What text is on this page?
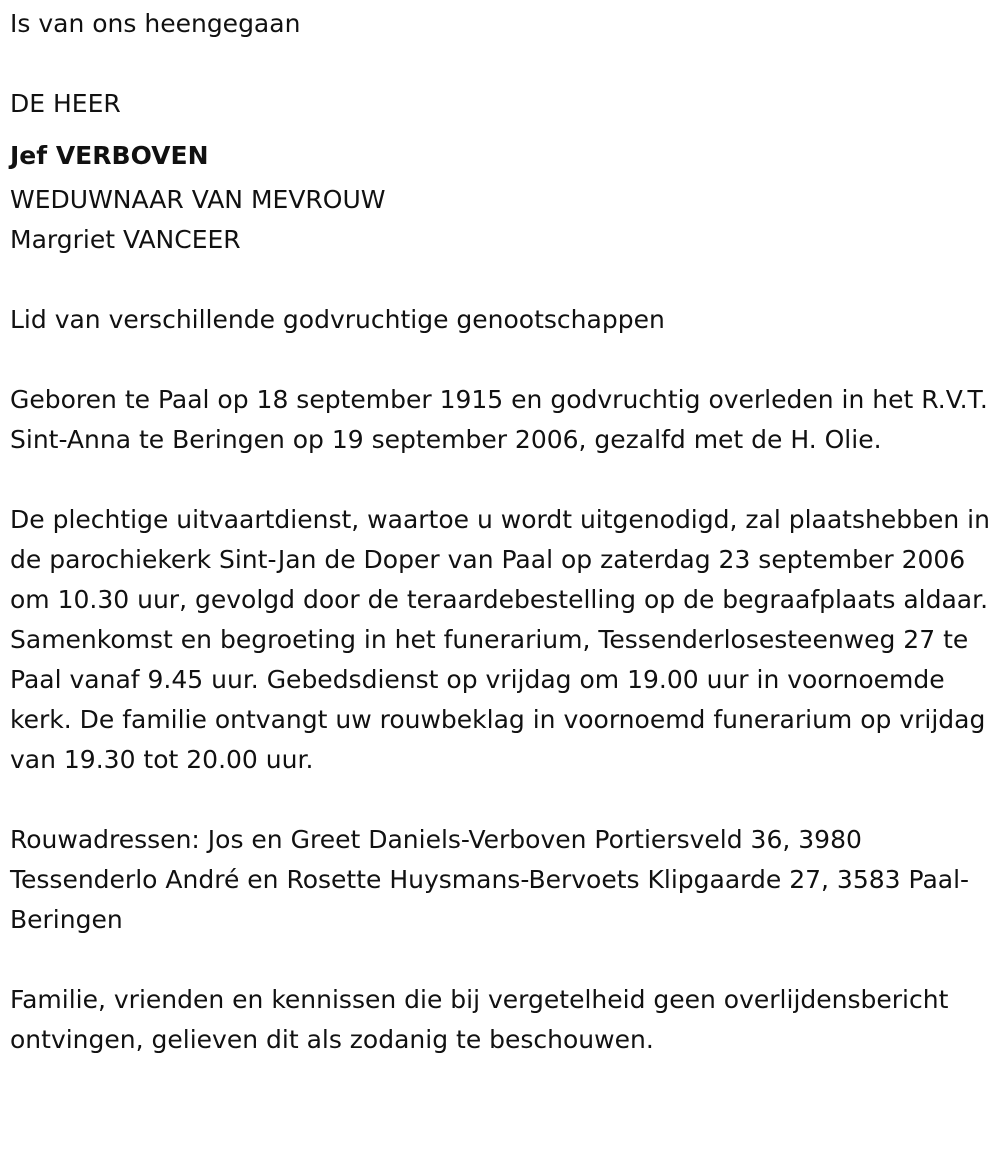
Is van ons heengegaan

DE HEER

Jef VERBOVEN

WEDUWNAAR VAN MEVROUW

Margriet VANCEER

Lid van verschillende godvruchtige genootschappen

Geboren te Paal op 18 september 1915 en godvruchtig overleden in het R.V.T. Sint-Anna te Beringen op 19 september 2006, gezalfd met de H. Olie.

De plechtige uitvaartdienst, waartoe u wordt uitgenodigd, zal plaatshebben in de parochiekerk Sint-Jan de Doper van Paal op zaterdag 23 september 2006 om 10.30 uur, gevolgd door de teraardebestelling op de begraafplaats aldaar. Samenkomst en begroeting in het funerarium, Tessenderlosesteenweg 27 te Paal vanaf 9.45 uur. Gebedsdienst op vrijdag om 19.00 uur in voornoemde kerk. De familie ontvangt uw rouwbeklag in voornoemd funerarium op vrijdag van 19.30 tot 20.00 uur.

Rouwadressen: Jos en Greet Daniels-Verboven Portiersveld 36, 3980 Tessenderlo André en Rosette Huysmans-Bervoets Klipgaarde 27, 3583 Paal-Beringen

Familie, vrienden en kennissen die bij vergetelheid geen overlijdensbericht ontvingen, gelieven dit als zodanig te beschouwen.
